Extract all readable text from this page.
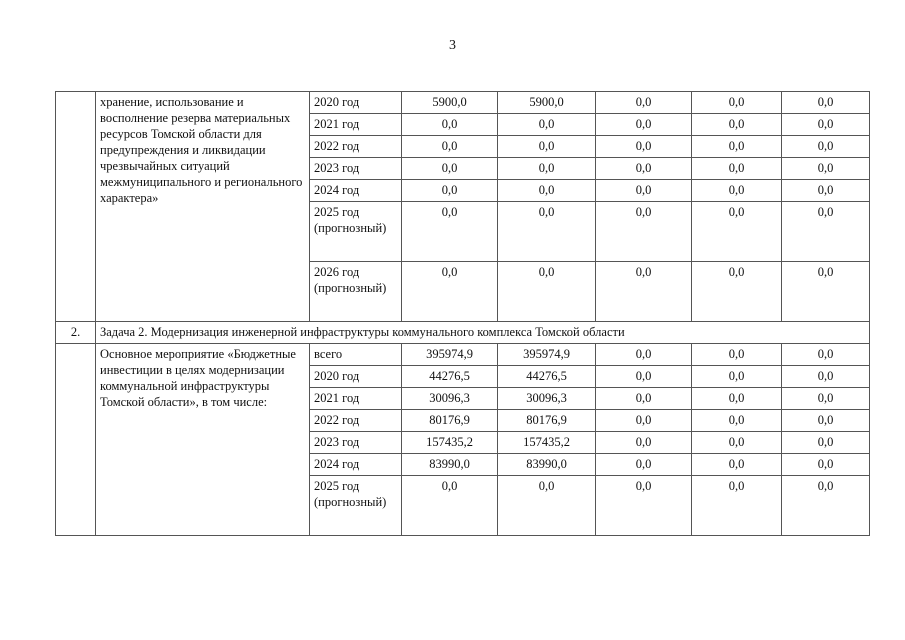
3
	хранение, использование и восполнение резерва материальных ресурсов Томской области для предупреждения и ликвидации чрезвычайных ситуаций межмуниципального и регионального характера»	2020 год	5900,0	5900,0	0,0	0,0	0,0
		2021 год	0,0	0,0	0,0	0,0	0,0
		2022 год	0,0	0,0	0,0	0,0	0,0
		2023 год	0,0	0,0	0,0	0,0	0,0
		2024 год	0,0	0,0	0,0	0,0	0,0
		2025 год (прогнозный)	0,0	0,0	0,0	0,0	0,0
		2026 год (прогнозный)	0,0	0,0	0,0	0,0	0,0
2.	Задача 2. Модернизация инженерной инфраструктуры коммунального комплекса Томской области						
	Основное мероприятие «Бюджетные инвестиции в целях модернизации коммунальной инфраструктуры Томской области», в том числе:	всего	395974,9	395974,9	0,0	0,0	0,0
		2020 год	44276,5	44276,5	0,0	0,0	0,0
		2021 год	30096,3	30096,3	0,0	0,0	0,0
		2022 год	80176,9	80176,9	0,0	0,0	0,0
		2023 год	157435,2	157435,2	0,0	0,0	0,0
		2024 год	83990,0	83990,0	0,0	0,0	0,0
		2025 год (прогнозный)	0,0	0,0	0,0	0,0	0,0
